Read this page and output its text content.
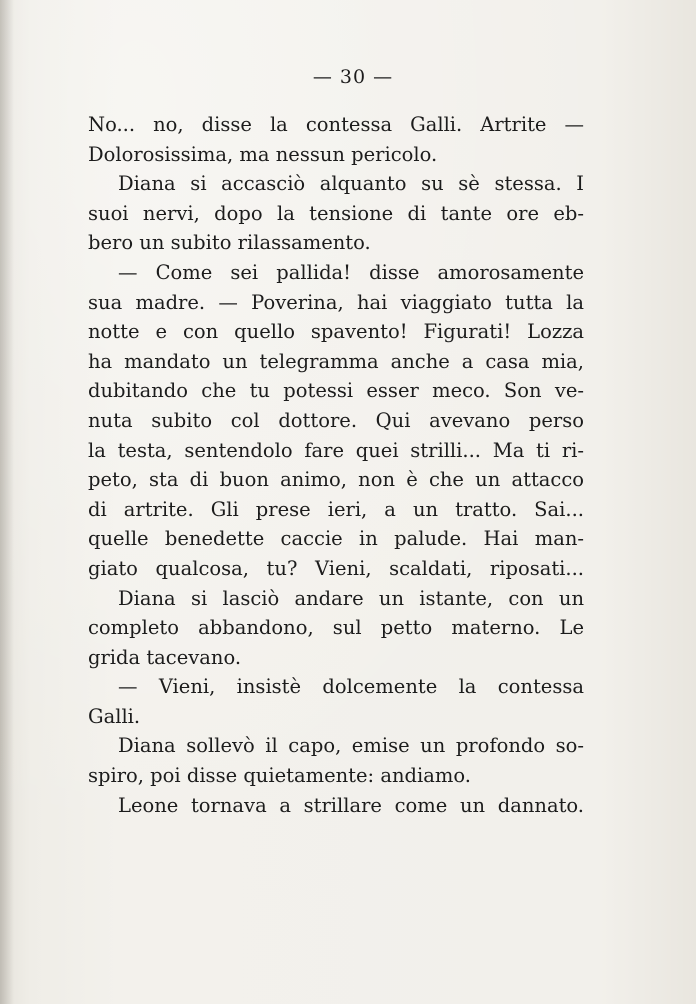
— 30 —
No... no, disse la contessa Galli. Artrite —
Dolorosissima, ma nessun pericolo.
Diana si accasciò alquanto su sè stessa. I
suoi nervi, dopo la tensione di tante ore eb-
bero un subito rilassamento.
— Come sei pallida! disse amorosamente
sua madre. — Poverina, hai viaggiato tutta la
notte e con quello spavento! Figurati! Lozza
ha mandato un telegramma anche a casa mia,
dubitando che tu potessi esser meco. Son ve-
nuta subito col dottore. Qui avevano perso
la testa, sentendolo fare quei strilli... Ma ti ri-
peto, sta di buon animo, non è che un attacco
di artrite. Gli prese ieri, a un tratto. Sai...
quelle benedette caccie in palude. Hai man-
giato qualcosa, tu? Vieni, scaldati, riposati...
Diana si lasciò andare un istante, con un
completo abbandono, sul petto materno. Le
grida tacevano.
— Vieni, insistè dolcemente la contessa
Galli.
Diana sollevò il capo, emise un profondo so-
spiro, poi disse quietamente: andiamo.
Leone tornava a strillare come un dannato.
